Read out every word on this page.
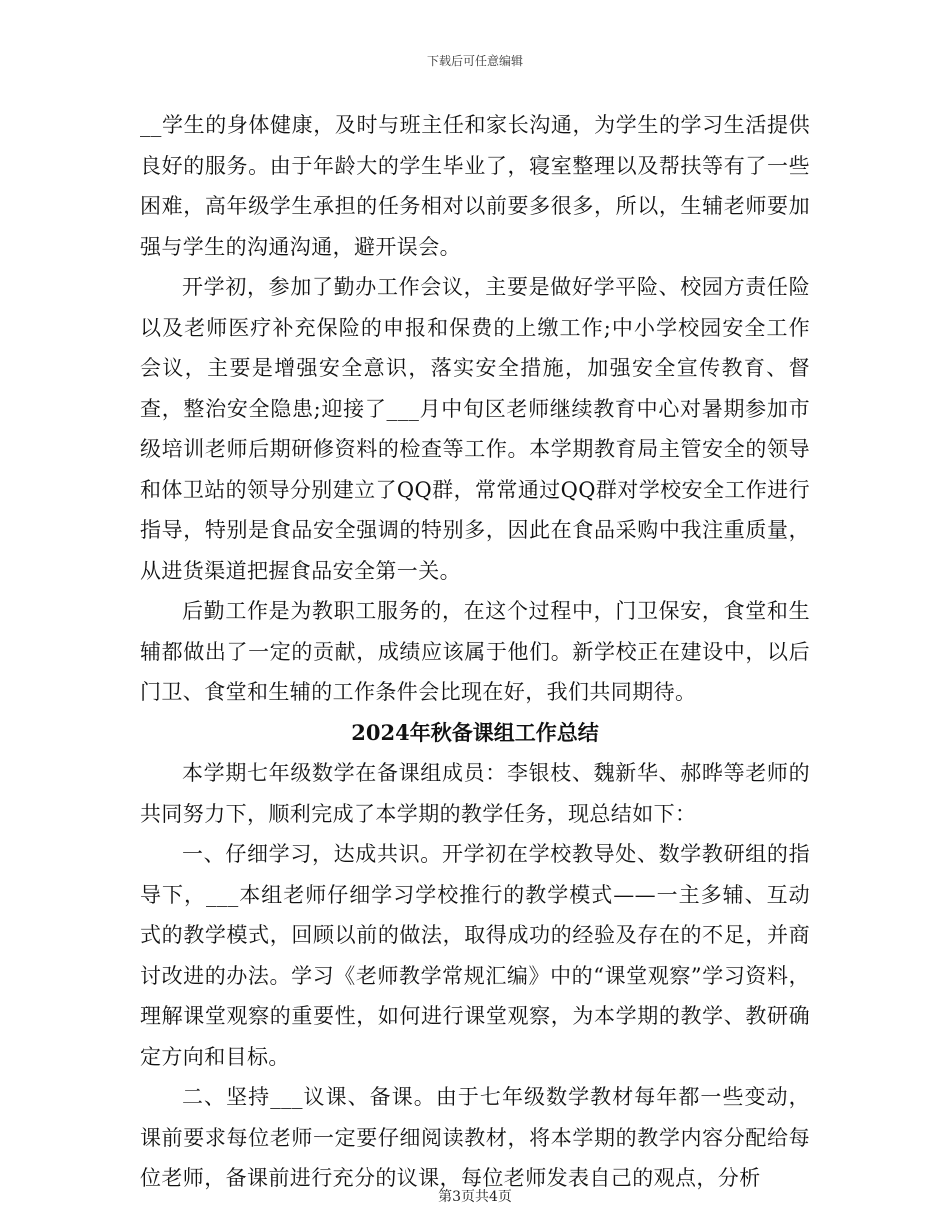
下载后可任意编辑

__学生的身体健康，及时与班主任和家长沟通，为学生的学习生活提供良好的服务。由于年龄大的学生毕业了，寝室整理以及帮扶等有了一些困难，高年级学生承担的任务相对以前要多很多，所以，生辅老师要加强与学生的沟通沟通，避开误会。

开学初，参加了勤办工作会议，主要是做好学平险、校园方责任险以及老师医疗补充保险的申报和保费的上缴工作;中小学校园安全工作会议，主要是增强安全意识，落实安全措施，加强安全宣传教育、督查，整治安全隐患;迎接了___月中旬区老师继续教育中心对暑期参加市级培训老师后期研修资料的检查等工作。本学期教育局主管安全的领导和体卫站的领导分别建立了QQ群，常常通过QQ群对学校安全工作进行指导，特别是食品安全强调的特别多，因此在食品采购中我注重质量，从进货渠道把握食品安全第一关。

后勤工作是为教职工服务的，在这个过程中，门卫保安，食堂和生辅都做出了一定的贡献，成绩应该属于他们。新学校正在建设中，以后门卫、食堂和生辅的工作条件会比现在好，我们共同期待。

2024年秋备课组工作总结

本学期七年级数学在备课组成员：李银枝、魏新华、郝晔等老师的共同努力下，顺利完成了本学期的教学任务，现总结如下：

一、仔细学习，达成共识。开学初在学校教导处、数学教研组的指导下，___本组老师仔细学习学校推行的教学模式——一主多辅、互动式的教学模式，回顾以前的做法，取得成功的经验及存在的不足，并商讨改进的办法。学习《老师教学常规汇编》中的“课堂观察”学习资料，理解课堂观察的重要性，如何进行课堂观察，为本学期的教学、教研确定方向和目标。

二、坚持___议课、备课。由于七年级数学教材每年都一些变动，课前要求每位老师一定要仔细阅读教材，将本学期的教学内容分配给每位老师，备课前进行充分的议课，每位老师发表自己的观点，分析

第3页共4页
